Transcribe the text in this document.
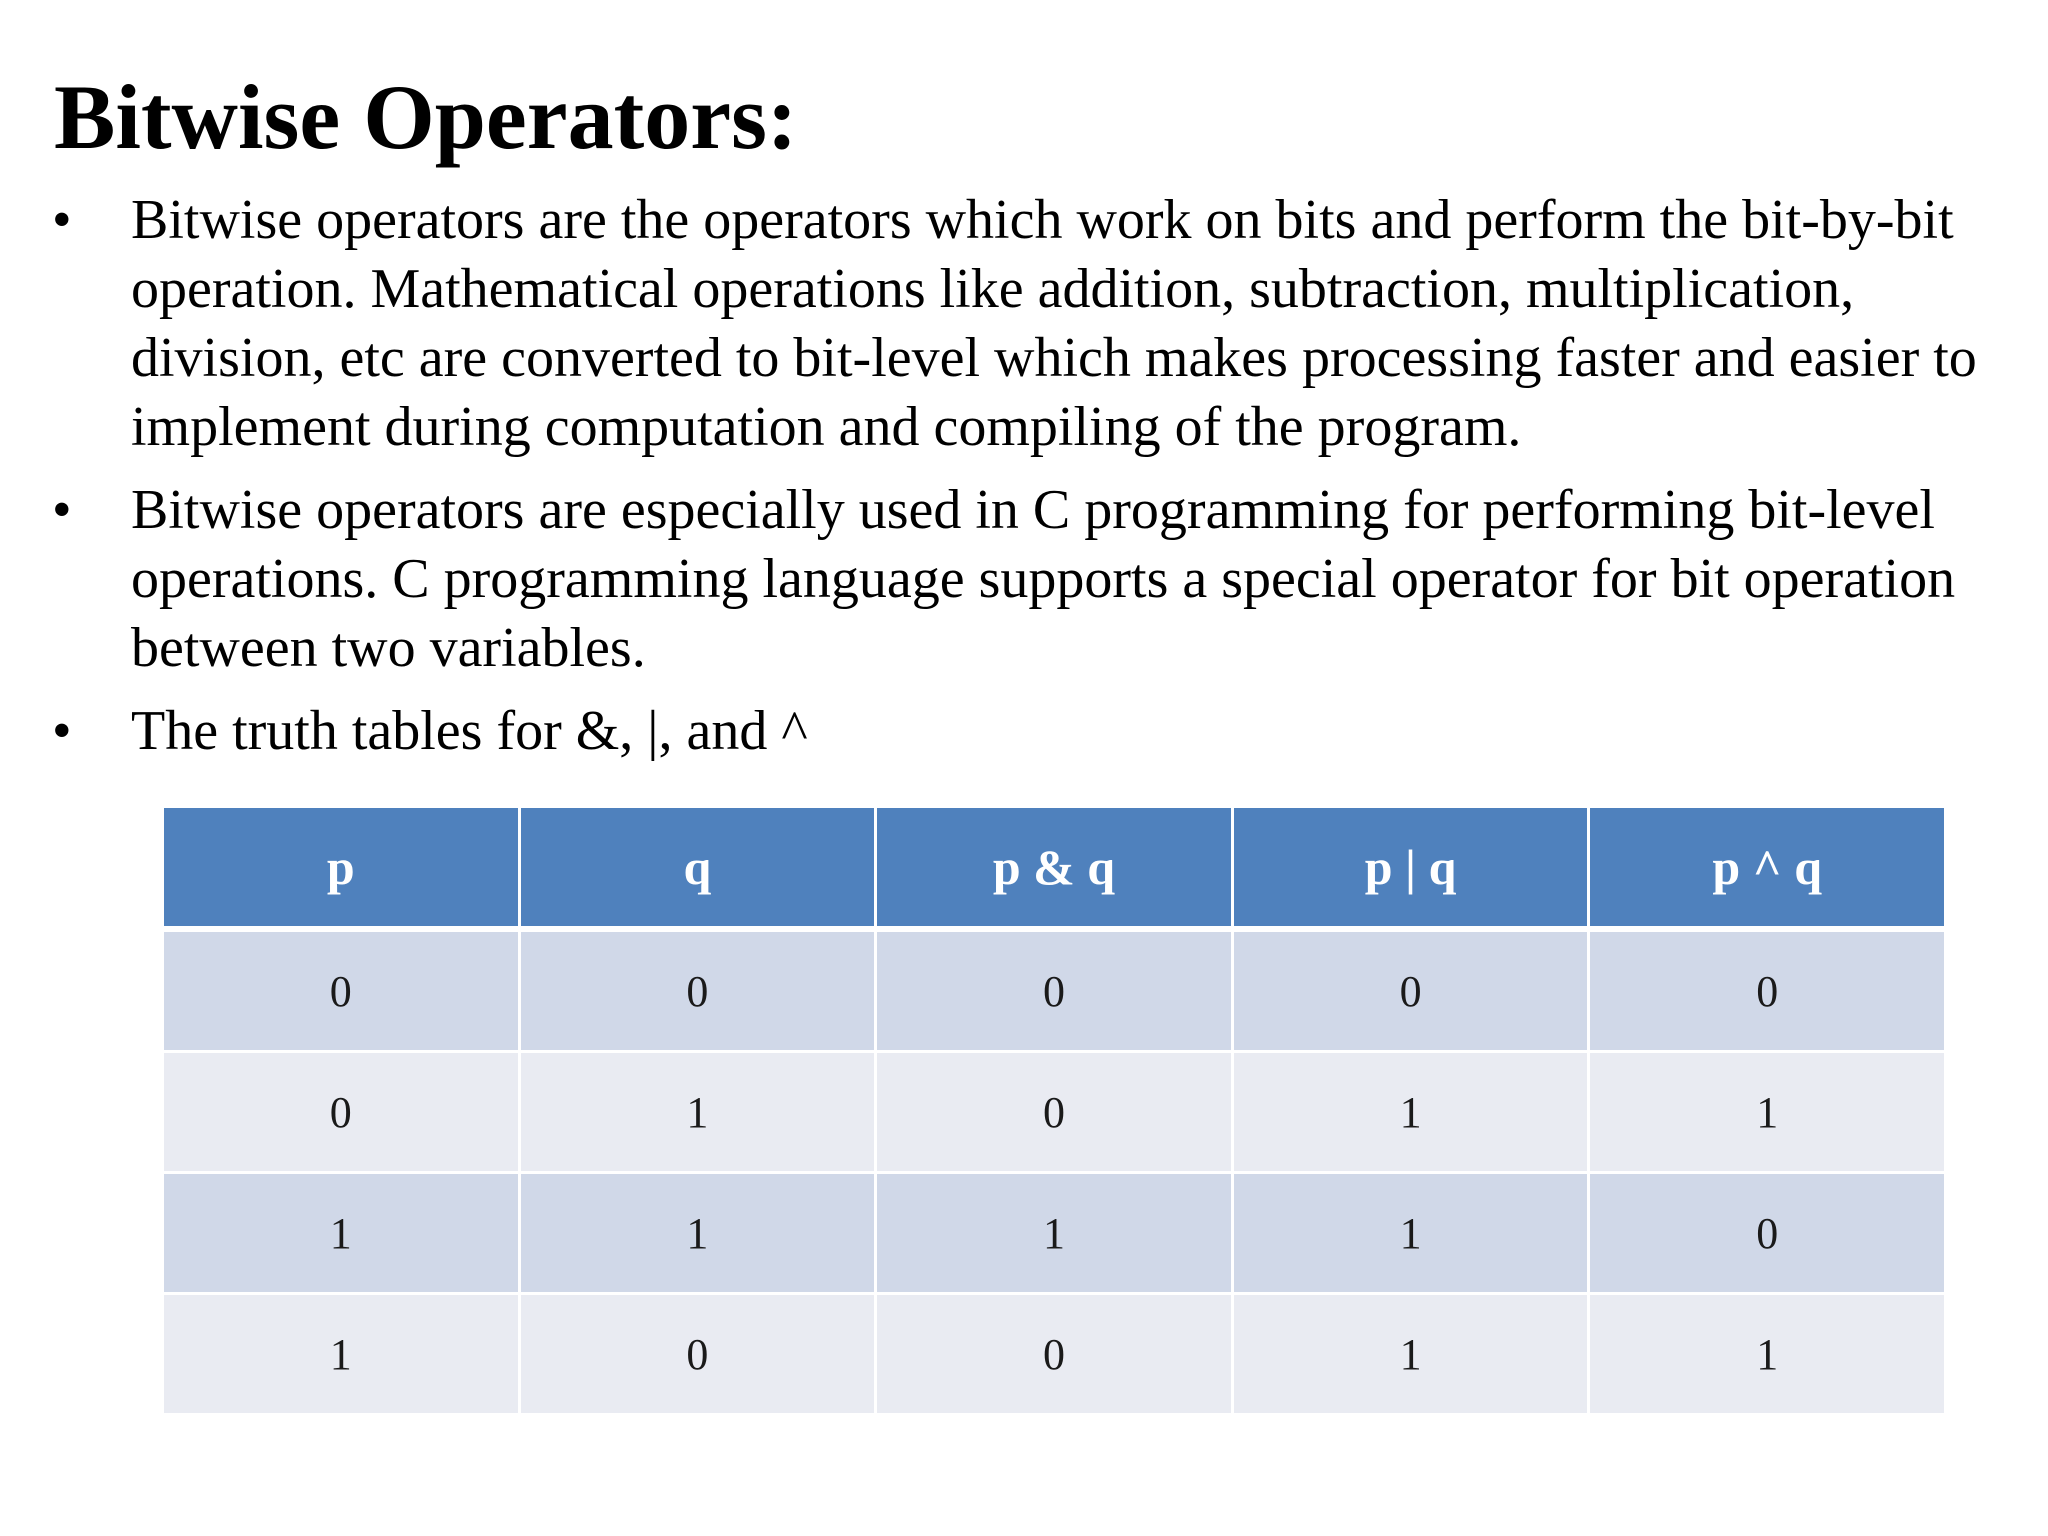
Bitwise Operators:
• Bitwise operators are the operators which work on bits and perform the bit-by-bit operation. Mathematical operations like addition, subtraction, multiplication, division, etc are converted to bit-level which makes processing faster and easier to implement during computation and compiling of the program.
• Bitwise operators are especially used in C programming for performing bit-level operations. C programming language supports a special operator for bit operation between two variables.
• The truth tables for &, |, and ^
p	q	p & q	p | q	p ^ q
0	0	0	0	0
0	1	0	1	1
1	1	1	1	0
1	0	0	1	1
